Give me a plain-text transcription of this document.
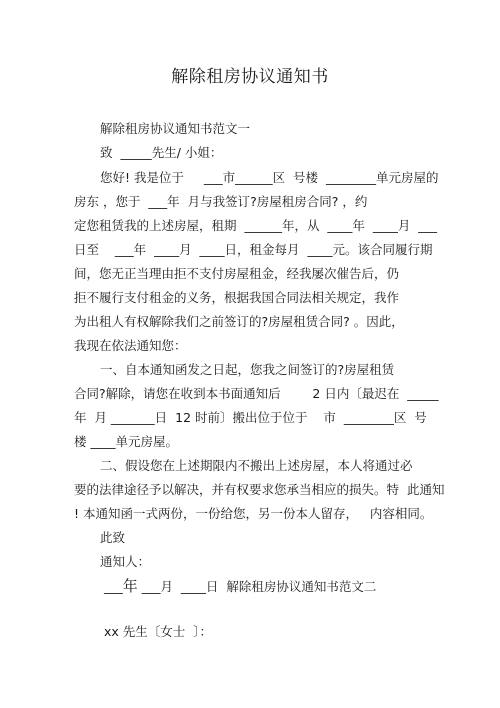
解除租房协议通知书
解除租房协议通知书范文一
致  _____先生/ 小姐：
您好! 我是位于     ___市______区  号楼  ________单元房屋的
房东 ，您于  ___年  月与我签订?房屋租房合同? ，约
定您租赁我的上述房屋，租期  ______年，从  ____年  ____月  ___
日至    ___年  ____月  ____日，租金每月  ____元。该合同履行期
间，您无正当理由拒不支付房屋租金，经我屡次催告后，仍
拒不履行支付租金的义务，根据我国合同法相关规定，我作
为出租人有权解除我们之前签订的?房屋租赁合同? 。因此，
我现在依法通知您：
一、自本通知函发之日起，您我之间签订的?房屋租赁
合同?解除，请您在收到本书面通知后        2 日内〔最迟在  _____
年  月 _______日  12 时前〕搬出位于位于    市  ________区  号
楼 ____单元房屋。
二、假设您在上述期限内不搬出上述房屋，本人将通过必
要的法律途径予以解决，并有权要求您承当相应的损失。特  此通知
! 本通知函一式两份，一份给您，另一份本人留存，   内容相同。
此致
通知人：
___年 ___月  ____日  解除租房协议通知书范文二
xx 先生〔女士  〕：
